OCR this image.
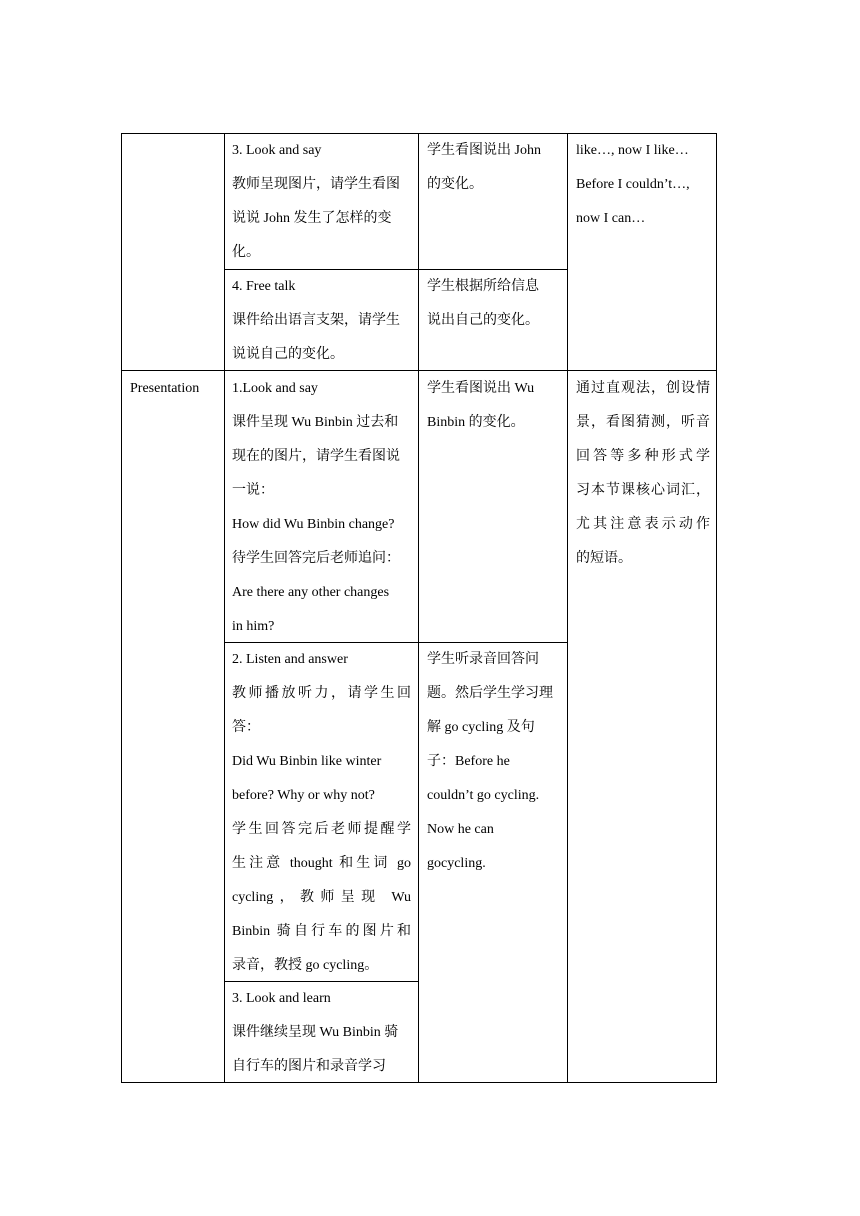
3. Look and say
教师呈现图片，请学生看图
说说 John 发生了怎样的变
化。
学生看图说出 John
的变化。
like…, now I like…
Before I couldn’t…,
now I can…
4. Free talk
课件给出语言支架，请学生
说说自己的变化。
学生根据所给信息
说出自己的变化。
Presentation	1.Look and say
课件呈现 Wu Binbin 过去和
现在的图片，请学生看图说
一说：
How did Wu Binbin change?
待学生回答完后老师追问：
Are there any other changes
in him?
学生看图说出 Wu
Binbin 的变化。
通过直观法，创设情
景，看图猜测，听音
回答等多种形式学
习本节课核心词汇，
尤其注意表示动作
的短语。
2. Listen and answer
教师播放听力，请学生回
答：
Did Wu Binbin like winter
before? Why or why not?
学生回答完后老师提醒学
生注意 thought 和生词 go
cycling，教师呈现 Wu
Binbin 骑自行车的图片和
录音，教授 go cycling。
学生听录音回答问
题。然后学生学习理
解 go cycling 及句
子：Before he
couldn’t go cycling.
Now he can
gocycling.
3. Look and learn
课件继续呈现 Wu Binbin 骑
自行车的图片和录音学习
